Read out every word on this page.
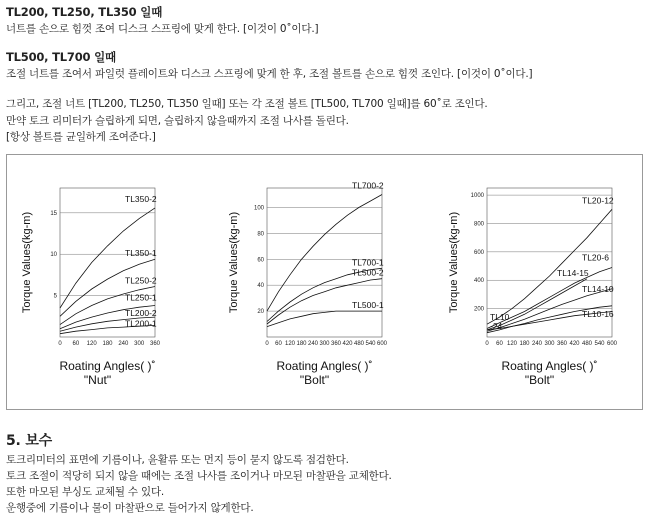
TL200, TL250, TL350 일때
너트를 손으로 힘껏 조여 디스크 스프링에 맞게 한다. [이것이 0˚이다.]
TL500, TL700 일때
조절 너트를 조여서 파일럿 플레이트와 디스크 스프링에 맞게 한 후, 조절 볼트를 손으로 힘껏 조인다. [이것이 0˚이다.]
그리고, 조절 너트 [TL200, TL250, TL350 일때] 또는 각 조절 볼트 [TL500, TL700 일때]를 60˚로 조인다.
만약 토크 리미터가 슬립하게 되면, 슬립하지 않을때까지 조절 나사를 돌린다.
[항상 볼트를 균일하게 조여준다.]
5
10
15
0 60 120 180 240 300 360
TL350-2
TL350-1
TL250-2
TL250-1
TL200-2
TL200-1
Torque Values(kg-m)
Roating Angles( )˚
"Nut"
20
40
60
80
100
0 60 120 180 240 300 360 420 480 540 600
TL700-2
TL700-1
TL500-2
TL500-1
Torque Values(kg-m)
Roating Angles( )˚
"Bolt"
200
400
600
800
1000
0 60 120 180 240 300 360 420 480 540 600
TL20-12
TL20-6
TL14-15
TL14-10
TL10-16
TL10
-24
Torque Values(kg-m)
Roating Angles( )˚
"Bolt"
5. 보수
토크리미터의 표면에 기름이나, 윤활류 또는 먼지 등이 묻지 않도록 점검한다.
토크 조절이 적당히 되지 않을 때에는 조절 나사를 조이거나 마모된 마찰판을 교체한다.
또한 마모된 부싱도 교체될 수 있다.
운행중에 기름이나 물이 마찰판으로 들어가지 않게한다.
